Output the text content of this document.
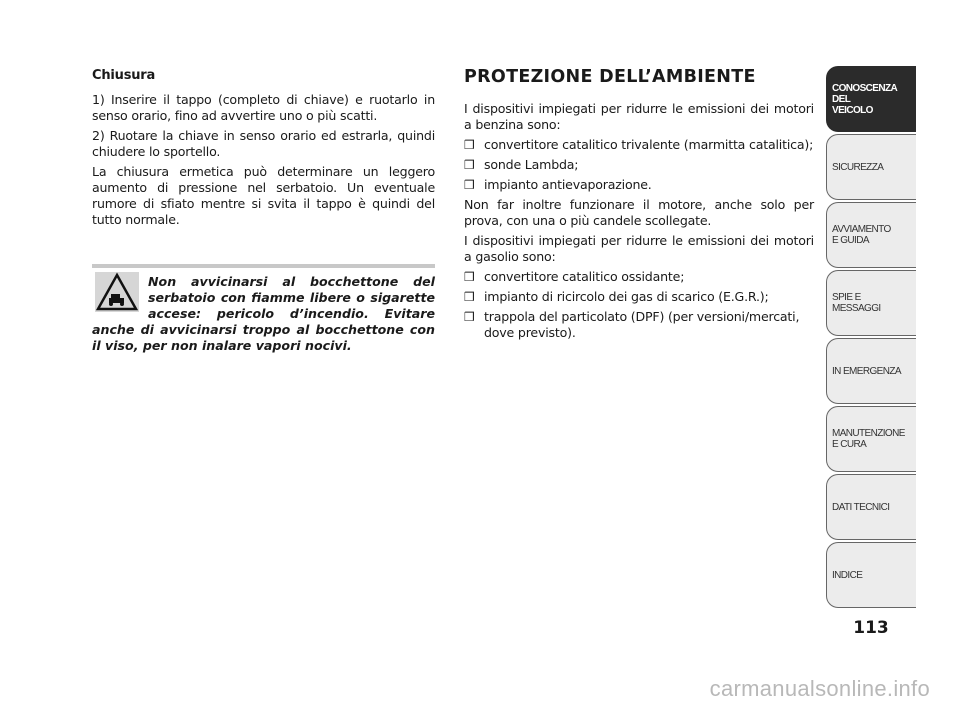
Chiusura

1) Inserire il tappo (completo di chiave) e ruotarlo in senso orario, fino ad avvertire uno o più scatti.

2) Ruotare la chiave in senso orario ed estrarla, quindi chiudere lo sportello.

La chiusura ermetica può determinare un leggero aumento di pressione nel serbatoio. Un eventuale rumore di sfiato mentre si svita il tappo è quindi del tutto normale.

Non avvicinarsi al bocchettone del serbatoio con fiamme libere o sigarette accese: pericolo d’incendio. Evitare anche di avvicinarsi troppo al bocchettone con il viso, per non inalare vapori nocivi.

PROTEZIONE DELL’AMBIENTE

I dispositivi impiegati per ridurre le emissioni dei motori a benzina sono:

❒ convertitore catalitico trivalente (marmitta catalitica);
❒ sonde Lambda;
❒ impianto antievaporazione.

Non far inoltre funzionare il motore, anche solo per prova, con una o più candele scollegate.

I dispositivi impiegati per ridurre le emissioni dei motori a gasolio sono:

❒ convertitore catalitico ossidante;
❒ impianto di ricircolo dei gas di scarico (E.G.R.);
❒ trappola del particolato (DPF) (per versioni/mercati, dove previsto).
CONOSCENZA
DEL
VEICOLO
SICUREZZA
AVVIAMENTO
E GUIDA
SPIE E
MESSAGGI
IN EMERGENZA
MANUTENZIONE
E CURA
DATI TECNICI
INDICE
113
carmanualsonline.info
